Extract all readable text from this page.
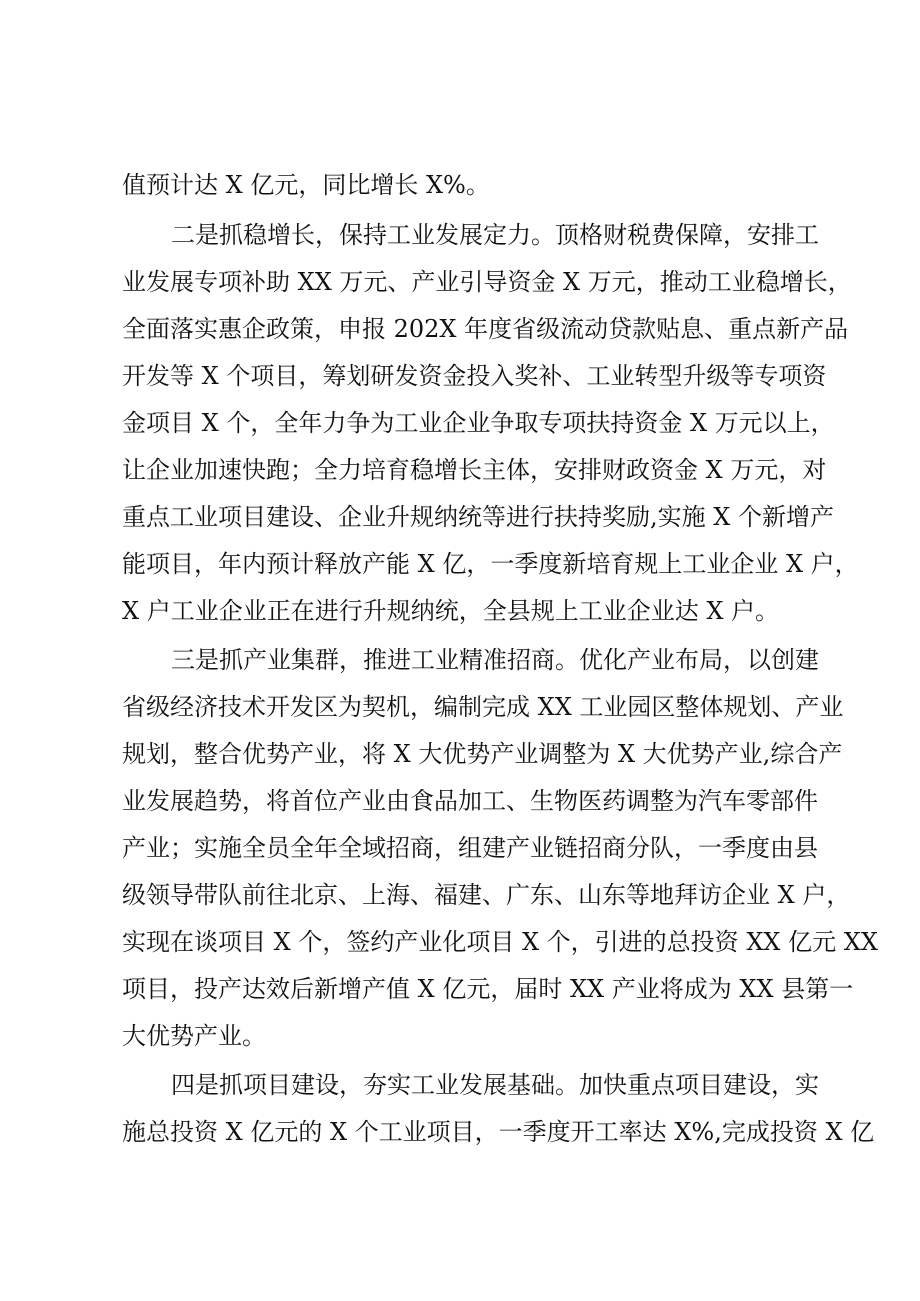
值预计达 X 亿元，同比增长 X%。
二是抓稳增长，保持工业发展定力。顶格财税费保障，安排工
业发展专项补助 XX 万元、产业引导资金 X 万元，推动工业稳增长，
全面落实惠企政策，申报 202X 年度省级流动贷款贴息、重点新产品
开发等 X 个项目，筹划研发资金投入奖补、工业转型升级等专项资
金项目 X 个，全年力争为工业企业争取专项扶持资金 X 万元以上，
让企业加速快跑；全力培育稳增长主体，安排财政资金 X 万元，对
重点工业项目建设、企业升规纳统等进行扶持奖励,实施 X 个新增产
能项目，年内预计释放产能 X 亿，一季度新培育规上工业企业 X 户，
X 户工业企业正在进行升规纳统，全县规上工业企业达 X 户。
三是抓产业集群，推进工业精准招商。优化产业布局，以创建
省级经济技术开发区为契机，编制完成 XX 工业园区整体规划、产业
规划，整合优势产业，将 X 大优势产业调整为 X 大优势产业,综合产
业发展趋势，将首位产业由食品加工、生物医药调整为汽车零部件
产业；实施全员全年全域招商，组建产业链招商分队，一季度由县
级领导带队前往北京、上海、福建、广东、山东等地拜访企业 X 户，
实现在谈项目 X 个，签约产业化项目 X 个，引进的总投资 XX 亿元 XX
项目，投产达效后新增产值 X 亿元，届时 XX 产业将成为 XX 县第一
大优势产业。
四是抓项目建设，夯实工业发展基础。加快重点项目建设，实
施总投资 X 亿元的 X 个工业项目，一季度开工率达 X%,完成投资 X 亿
